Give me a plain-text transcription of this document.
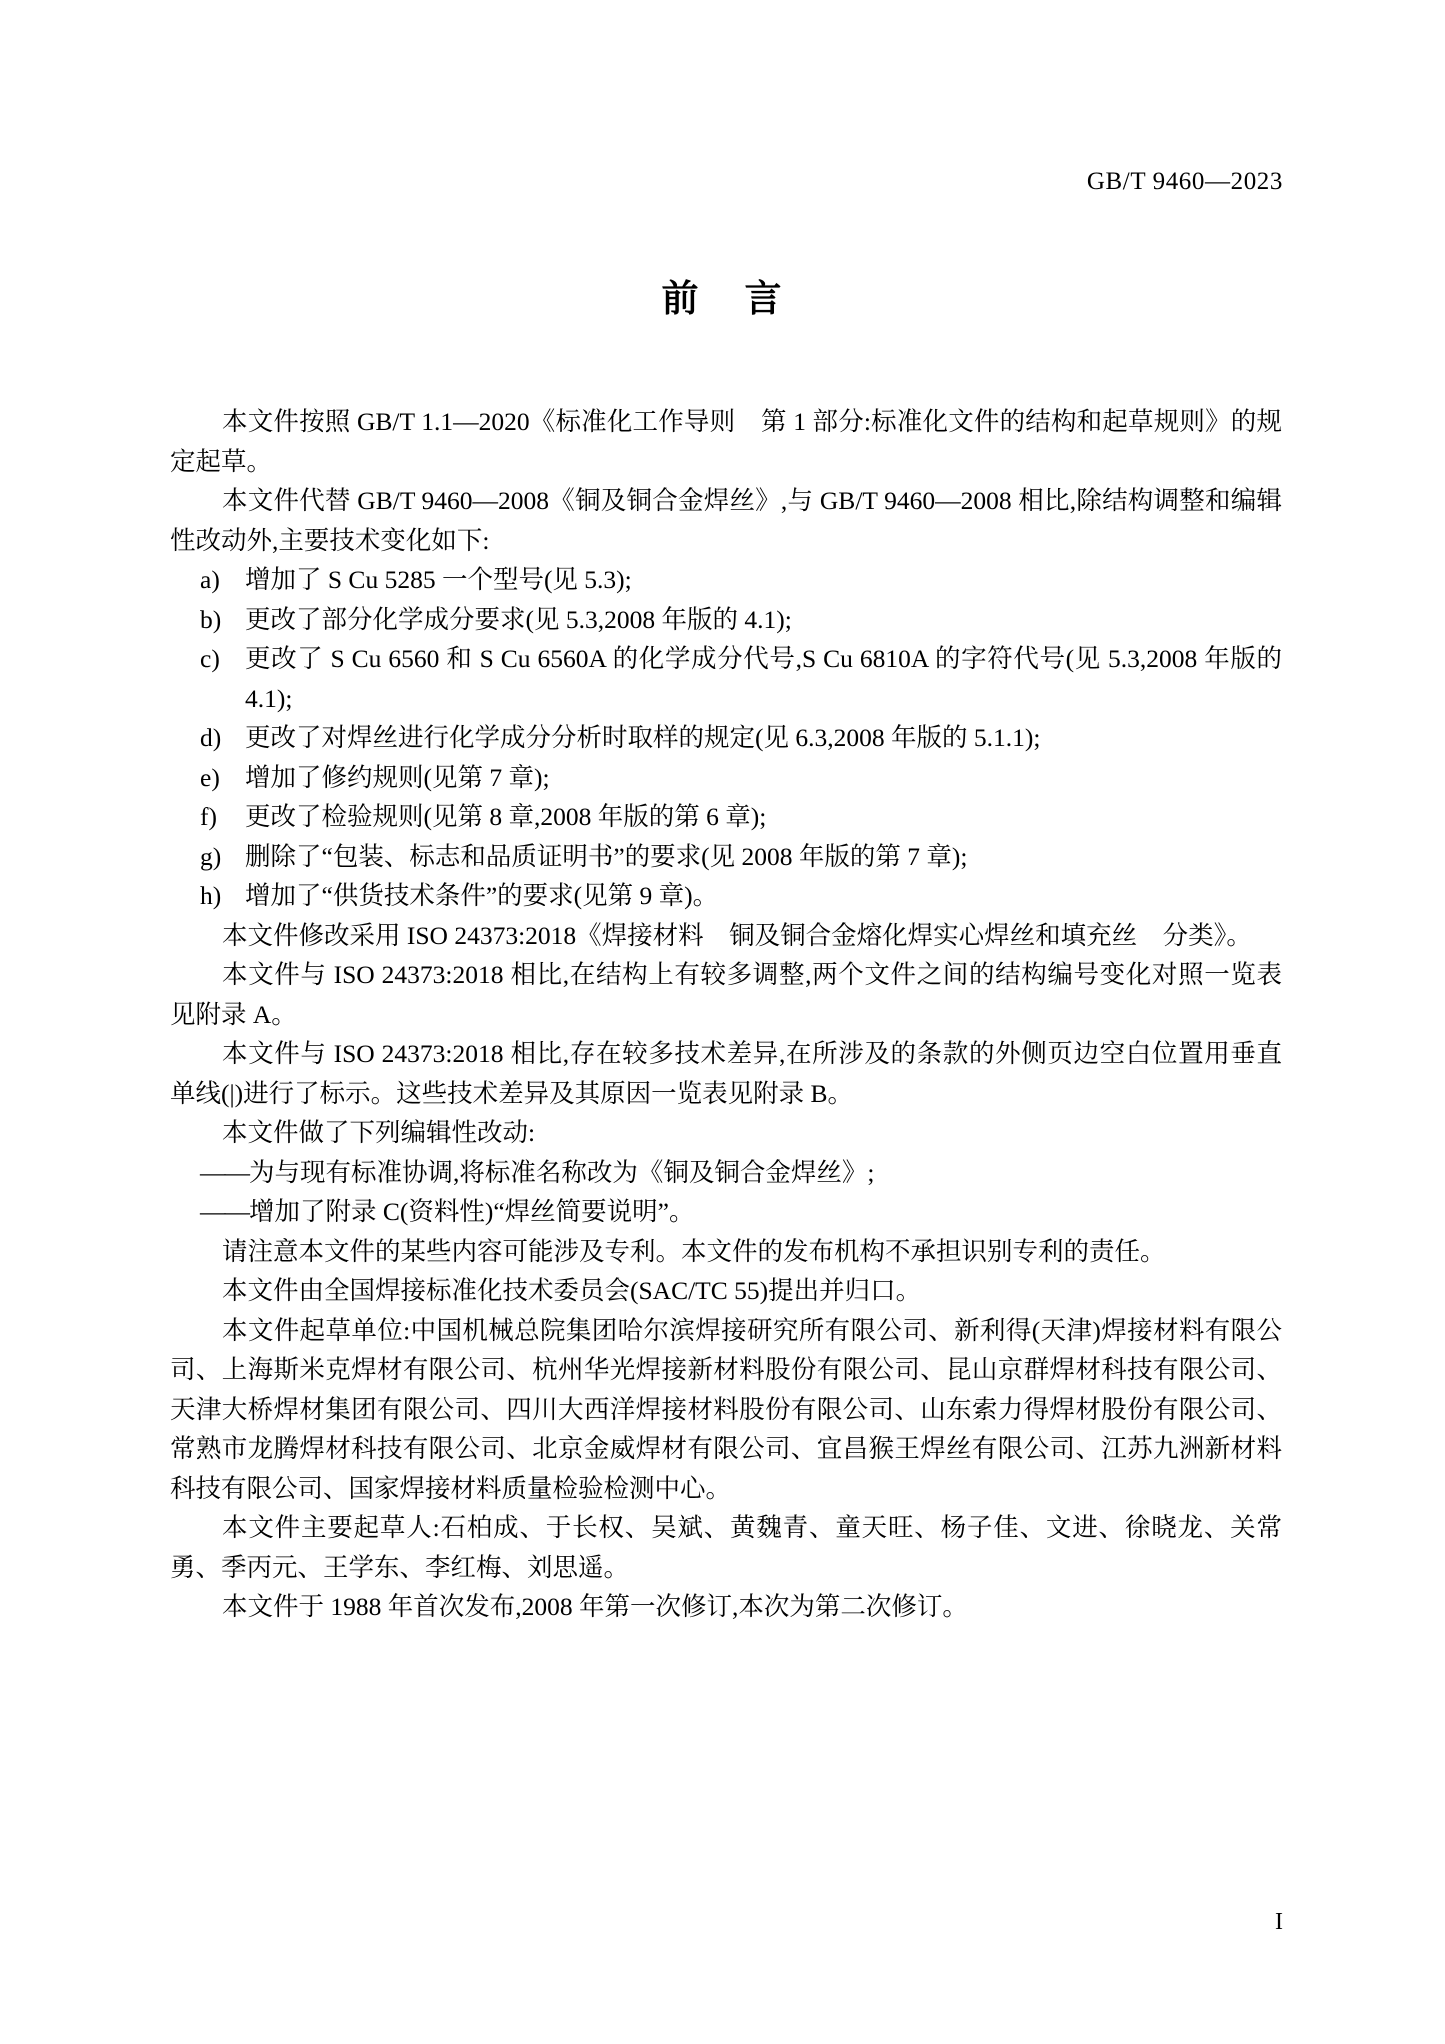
GB/T 9460—2023
前 言

本文件按照 GB/T 1.1—2020《标准化工作导则　第 1 部分:标准化文件的结构和起草规则》的规定起草。

本文件代替 GB/T 9460—2008《铜及铜合金焊丝》,与 GB/T 9460—2008 相比,除结构调整和编辑性改动外,主要技术变化如下:

a) 增加了 S Cu 5285 一个型号(见 5.3);
b) 更改了部分化学成分要求(见 5.3,2008 年版的 4.1);
c) 更改了 S Cu 6560 和 S Cu 6560A 的化学成分代号,S Cu 6810A 的字符代号(见 5.3,2008 年版的 4.1);
d) 更改了对焊丝进行化学成分分析时取样的规定(见 6.3,2008 年版的 5.1.1);
e) 增加了修约规则(见第 7 章);
f)	更改了检验规则(见第 8 章,2008 年版的第 6 章);
g) 删除了“包装、标志和品质证明书”的要求(见 2008 年版的第 7 章);
h) 增加了“供货技术条件”的要求(见第 9 章)。

本文件修改采用 ISO 24373:2018《焊接材料　铜及铜合金熔化焊实心焊丝和填充丝　分类》。

本文件与 ISO 24373:2018 相比,在结构上有较多调整,两个文件之间的结构编号变化对照一览表见附录 A。

本文件与 ISO 24373:2018 相比,存在较多技术差异,在所涉及的条款的外侧页边空白位置用垂直单线(|)进行了标示。这些技术差异及其原因一览表见附录 B。

本文件做了下列编辑性改动:

——为与现有标准协调,将标准名称改为《铜及铜合金焊丝》;
——增加了附录 C(资料性)“焊丝简要说明”。

请注意本文件的某些内容可能涉及专利。本文件的发布机构不承担识别专利的责任。

本文件由全国焊接标准化技术委员会(SAC/TC 55)提出并归口。

本文件起草单位:中国机械总院集团哈尔滨焊接研究所有限公司、新利得(天津)焊接材料有限公司、上海斯米克焊材有限公司、杭州华光焊接新材料股份有限公司、昆山京群焊材科技有限公司、天津大桥焊材集团有限公司、四川大西洋焊接材料股份有限公司、山东索力得焊材股份有限公司、常熟市龙腾焊材科技有限公司、北京金威焊材有限公司、宜昌猴王焊丝有限公司、江苏九洲新材料科技有限公司、国家焊接材料质量检验检测中心。

本文件主要起草人:石柏成、于长权、吴斌、黄魏青、童天旺、杨子佳、文进、徐晓龙、关常勇、季丙元、王学东、李红梅、刘思遥。

本文件于 1988 年首次发布,2008 年第一次修订,本次为第二次修订。

I
